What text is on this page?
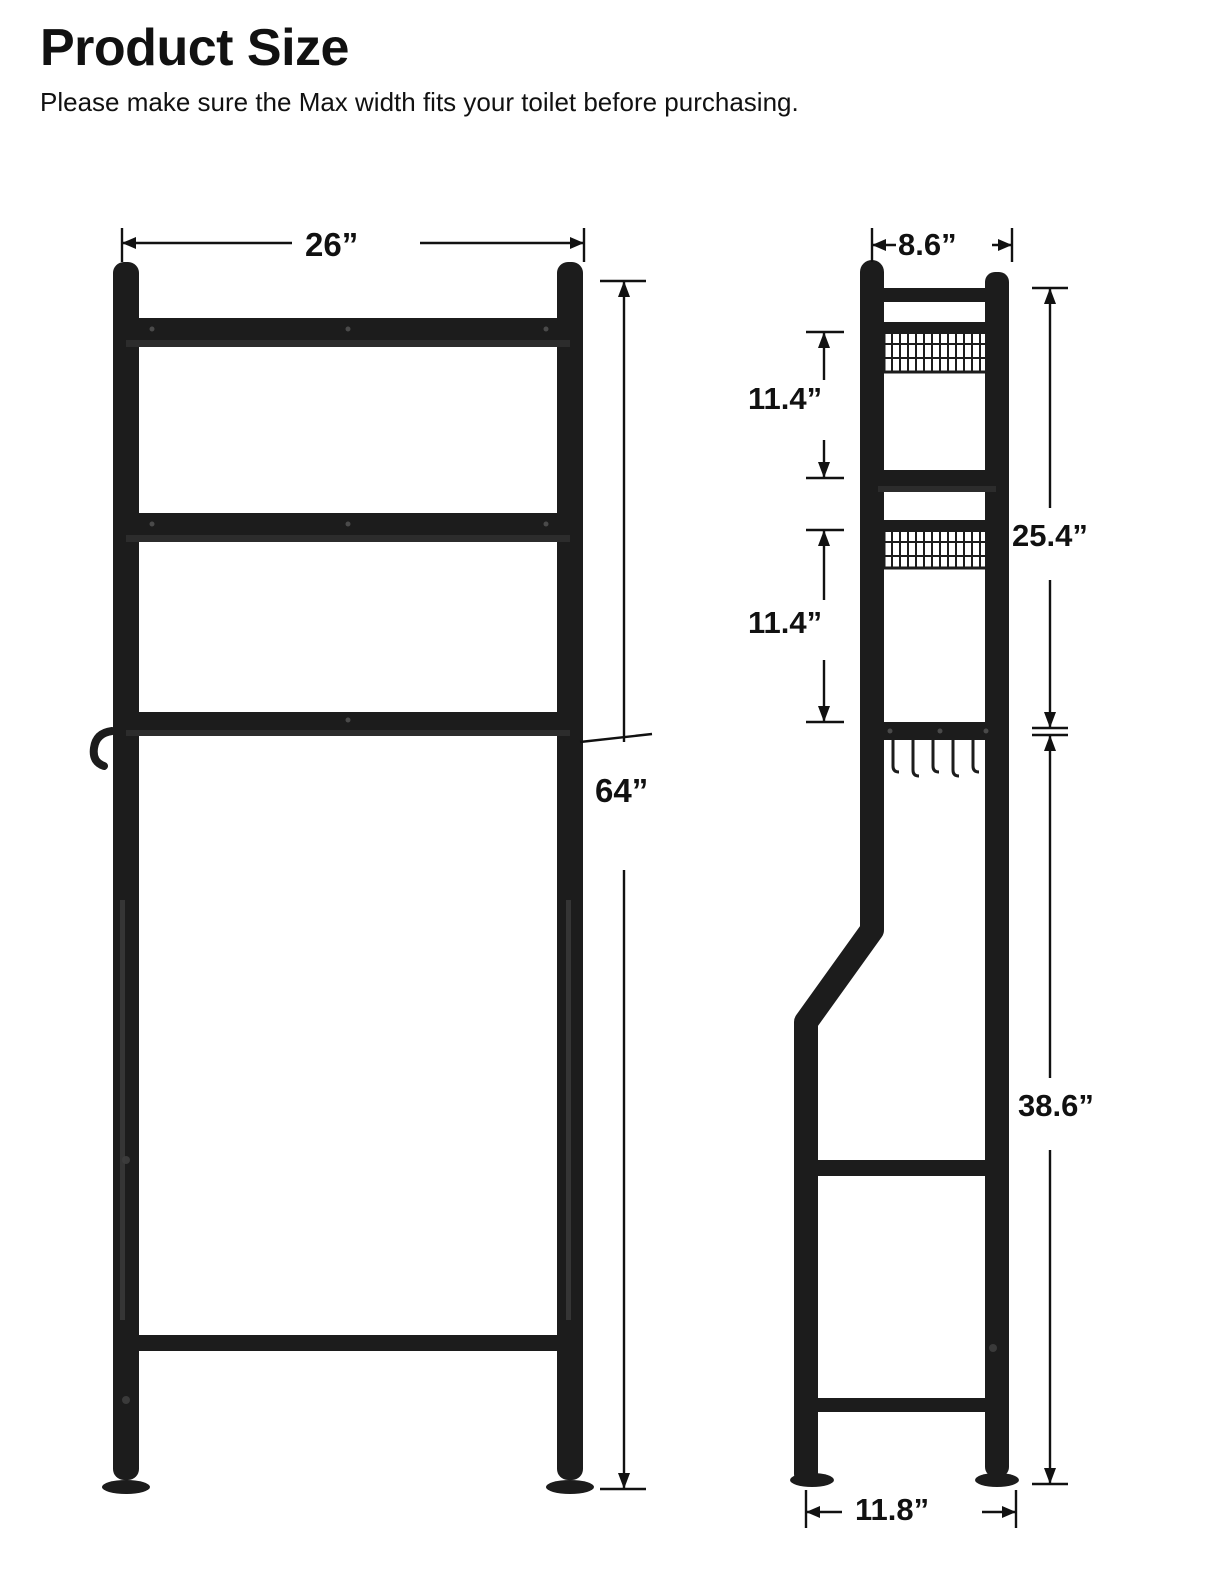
Product Size

Please make sure the Max width fits your toilet before purchasing.

26”
64”
8.6”
11.4”
11.4”
25.4”
38.6”
11.8”
